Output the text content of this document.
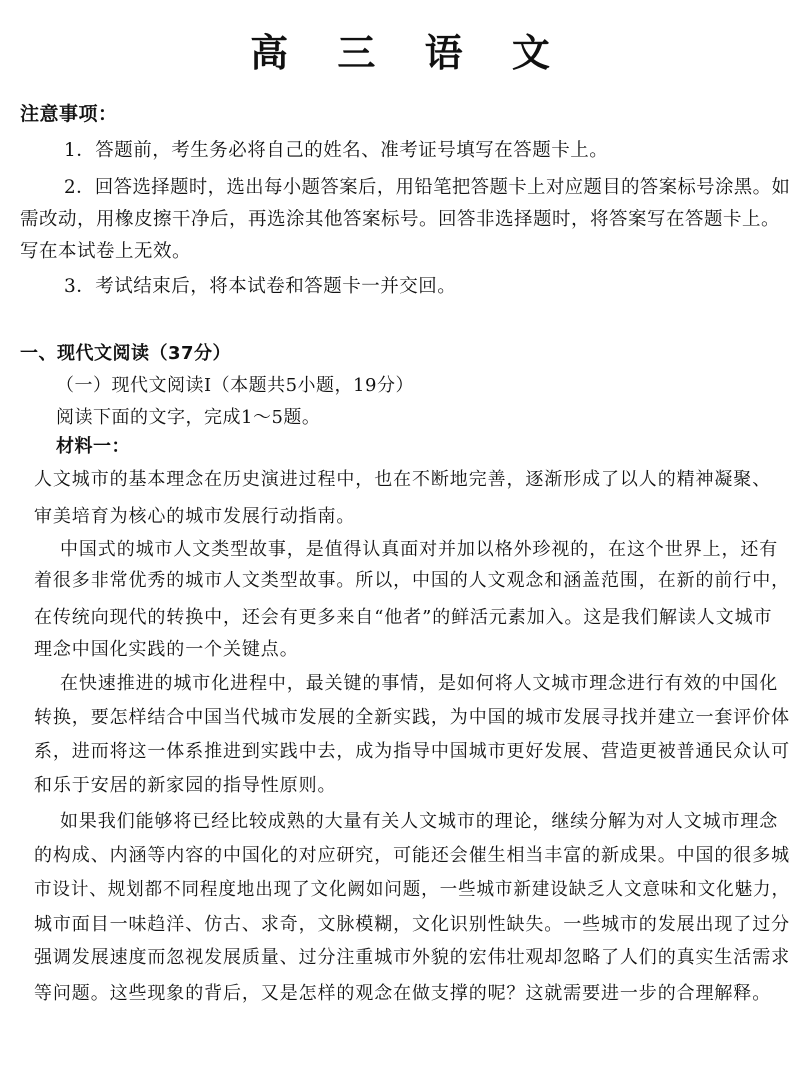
高 三 语 文
注意事项：
1．答题前，考生务必将自己的姓名、准考证号填写在答题卡上。
2．回答选择题时，选出每小题答案后，用铅笔把答题卡上对应题目的答案标号涂黑。如
需改动，用橡皮擦干净后，再选涂其他答案标号。回答非选择题时，将答案写在答题卡上。
写在本试卷上无效。
3．考试结束后，将本试卷和答题卡一并交回。
一、现代文阅读（37分）
（一）现代文阅读Ⅰ（本题共5小题，19分）
阅读下面的文字，完成1～5题。
材料一：
人文城市的基本理念在历史演进过程中，也在不断地完善，逐渐形成了以人的精神凝聚、
审美培育为核心的城市发展行动指南。
中国式的城市人文类型故事，是值得认真面对并加以格外珍视的，在这个世界上，还有
着很多非常优秀的城市人文类型故事。所以，中国的人文观念和涵盖范围，在新的前行中，
在传统向现代的转换中，还会有更多来自“他者”的鲜活元素加入。这是我们解读人文城市
理念中国化实践的一个关键点。
在快速推进的城市化进程中，最关键的事情，是如何将人文城市理念进行有效的中国化
转换，要怎样结合中国当代城市发展的全新实践，为中国的城市发展寻找并建立一套评价体
系，进而将这一体系推进到实践中去，成为指导中国城市更好发展、营造更被普通民众认可
和乐于安居的新家园的指导性原则。
如果我们能够将已经比较成熟的大量有关人文城市的理论，继续分解为对人文城市理念
的构成、内涵等内容的中国化的对应研究，可能还会催生相当丰富的新成果。中国的很多城
市设计、规划都不同程度地出现了文化阙如问题，一些城市新建设缺乏人文意味和文化魅力，
城市面目一味趋洋、仿古、求奇，文脉模糊，文化识别性缺失。一些城市的发展出现了过分
强调发展速度而忽视发展质量、过分注重城市外貌的宏伟壮观却忽略了人们的真实生活需求
等问题。这些现象的背后，又是怎样的观念在做支撑的呢？这就需要进一步的合理解释。
